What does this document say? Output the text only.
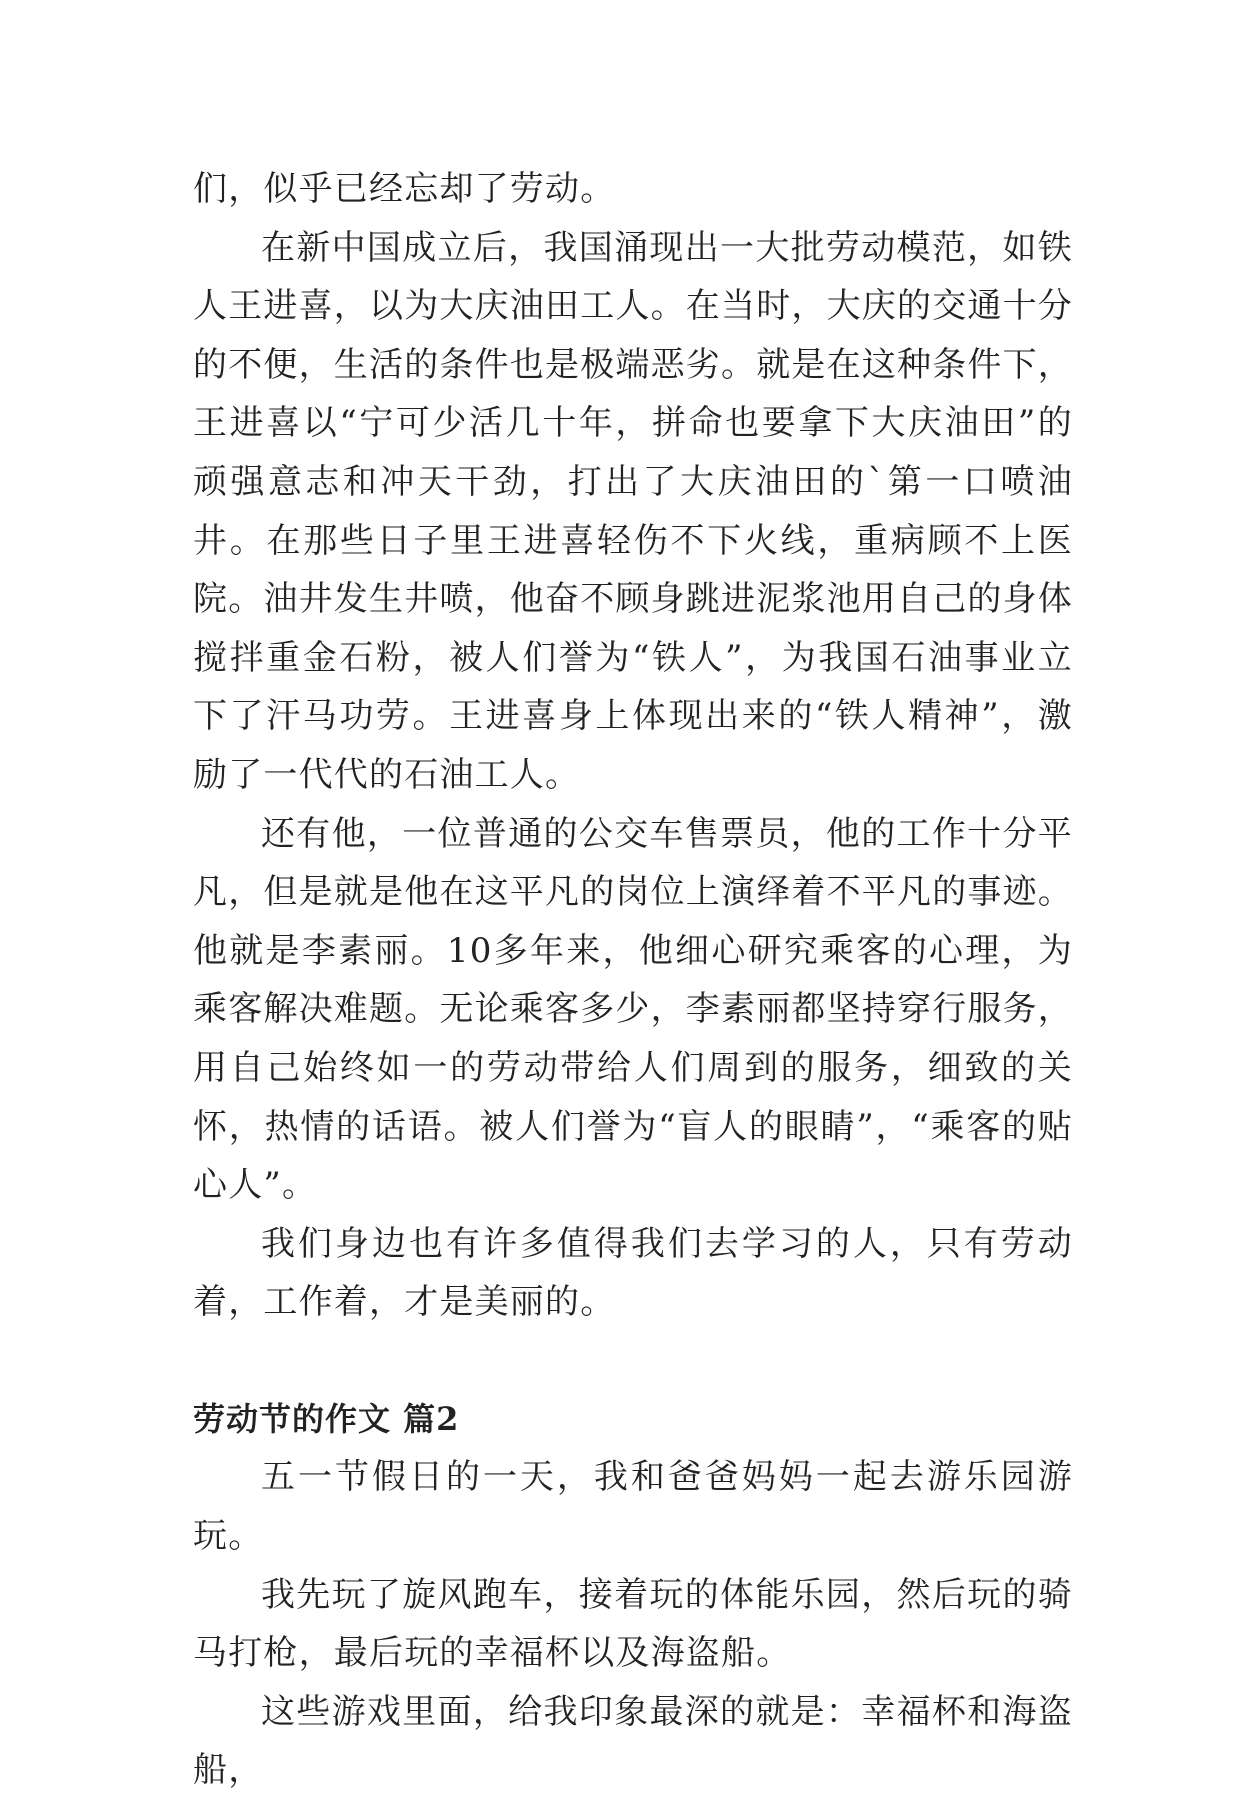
们，似乎已经忘却了劳动。

在新中国成立后，我国涌现出一大批劳动模范，如铁人王进喜，以为大庆油田工人。在当时，大庆的交通十分的不便，生活的条件也是极端恶劣。就是在这种条件下，王进喜以“宁可少活几十年，拼命也要拿下大庆油田”的顽强意志和冲天干劲，打出了大庆油田的`第一口喷油井。在那些日子里王进喜轻伤不下火线，重病顾不上医院。油井发生井喷，他奋不顾身跳进泥浆池用自己的身体搅拌重金石粉，被人们誉为“铁人”，为我国石油事业立下了汗马功劳。王进喜身上体现出来的“铁人精神”，激励了一代代的石油工人。

还有他，一位普通的公交车售票员，他的工作十分平凡，但是就是他在这平凡的岗位上演绎着不平凡的事迹。他就是李素丽。10多年来，他细心研究乘客的心理，为乘客解决难题。无论乘客多少，李素丽都坚持穿行服务，用自己始终如一的劳动带给人们周到的服务，细致的关怀，热情的话语。被人们誉为“盲人的眼睛”，“乘客的贴心人”。

我们身边也有许多值得我们去学习的人，只有劳动着，工作着，才是美丽的。

劳动节的作文 篇2

五一节假日的一天，我和爸爸妈妈一起去游乐园游玩。

我先玩了旋风跑车，接着玩的体能乐园，然后玩的骑马打枪，最后玩的幸福杯以及海盗船。

这些游戏里面，给我印象最深的就是：幸福杯和海盗船，
